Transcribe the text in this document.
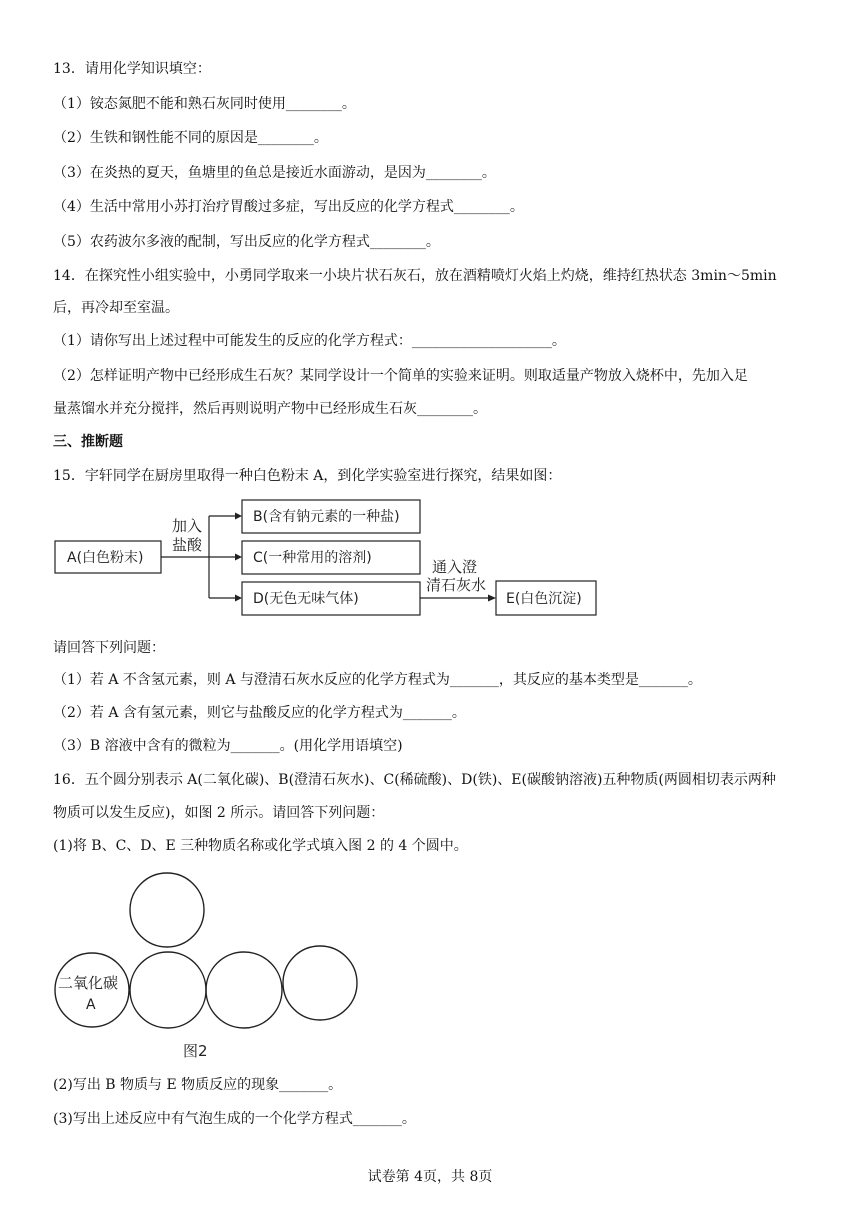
13．请用化学知识填空：
（1）铵态氮肥不能和熟石灰同时使用________。
（2）生铁和钢性能不同的原因是________。
（3）在炎热的夏天，鱼塘里的鱼总是接近水面游动，是因为________。
（4）生活中常用小苏打治疗胃酸过多症，写出反应的化学方程式________。
（5）农药波尔多液的配制，写出反应的化学方程式________。
14．在探究性小组实验中，小勇同学取来一小块片状石灰石，放在酒精喷灯火焰上灼烧，维持红热状态 3min～5min
后，再冷却至室温。
（1）请你写出上述过程中可能发生的反应的化学方程式：____________________。
（2）怎样证明产物中已经形成生石灰？某同学设计一个简单的实验来证明。则取适量产物放入烧杯中，先加入足
量蒸馏水并充分搅拌，然后再则说明产物中已经形成生石灰________。
三、推断题
15．宇轩同学在厨房里取得一种白色粉末 A，到化学实验室进行探究，结果如图：
A(白色粉末)
B(含有钠元素的一种盐)
C(一种常用的溶剂)
D(无色无味气体)	E(白色沉淀)
加入
盐酸
通入澄
清石灰水
请回答下列问题：
（1）若 A 不含氢元素，则 A 与澄清石灰水反应的化学方程式为_______，其反应的基本类型是_______。
（2）若 A 含有氢元素，则它与盐酸反应的化学方程式为_______。
（3）B 溶液中含有的微粒为_______。(用化学用语填空)
16．五个圆分别表示 A(二氧化碳)、B(澄清石灰水)、C(稀硫酸)、D(铁)、E(碳酸钠溶液)五种物质(两圆相切表示两种
物质可以发生反应)，如图 2 所示。请回答下列问题：
(1)将 B、C、D、E 三种物质名称或化学式填入图 2 的 4 个圆中。
二氧化碳
A
图2
(2)写出 B 物质与 E 物质反应的现象_______。
(3)写出上述反应中有气泡生成的一个化学方程式_______。
试卷第 4页，共 8页
